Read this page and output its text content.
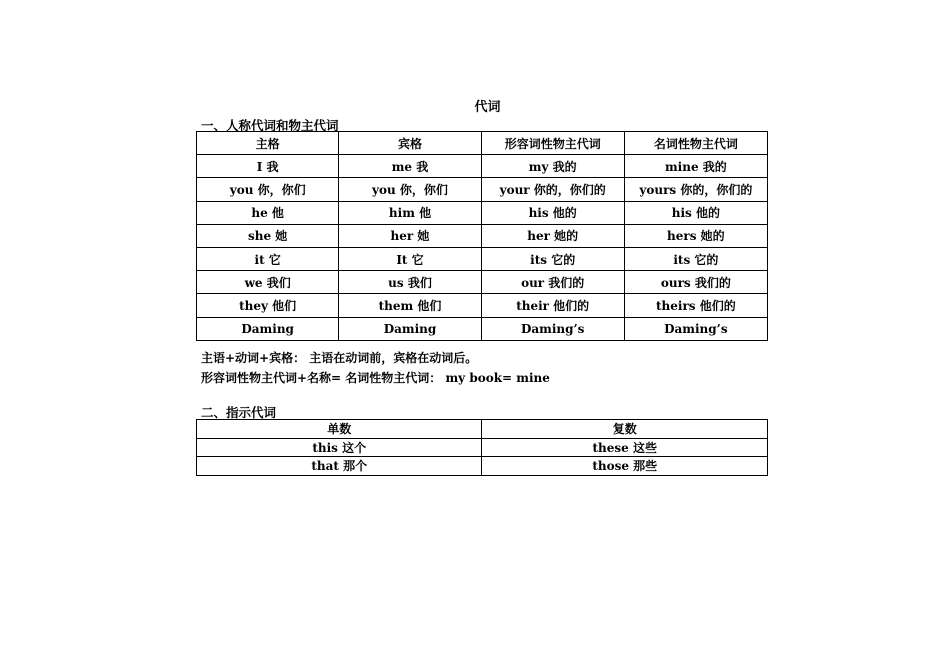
代词
一、人称代词和物主代词
主格	宾格	形容词性物主代词	名词性物主代词
I 我	me 我	my 我的	mine 我的
you 你，你们	you 你，你们	your 你的，你们的	yours 你的，你们的
he 他	him 他	his 他的	his 他的
she 她	her 她	her 她的	hers 她的
it 它	It 它	its 它的	its 它的
we 我们	us 我们	our 我们的	ours 我们的
they 他们	them 他们	their 他们的	theirs 他们的
Daming	Daming	Daming’s	Daming’s
主语+动词+宾格： 主语在动词前，宾格在动词后。
形容词性物主代词+名称= 名词性物主代词： my book= mine
二、指示代词
单数	复数
this 这个	these 这些
that 那个	those 那些
